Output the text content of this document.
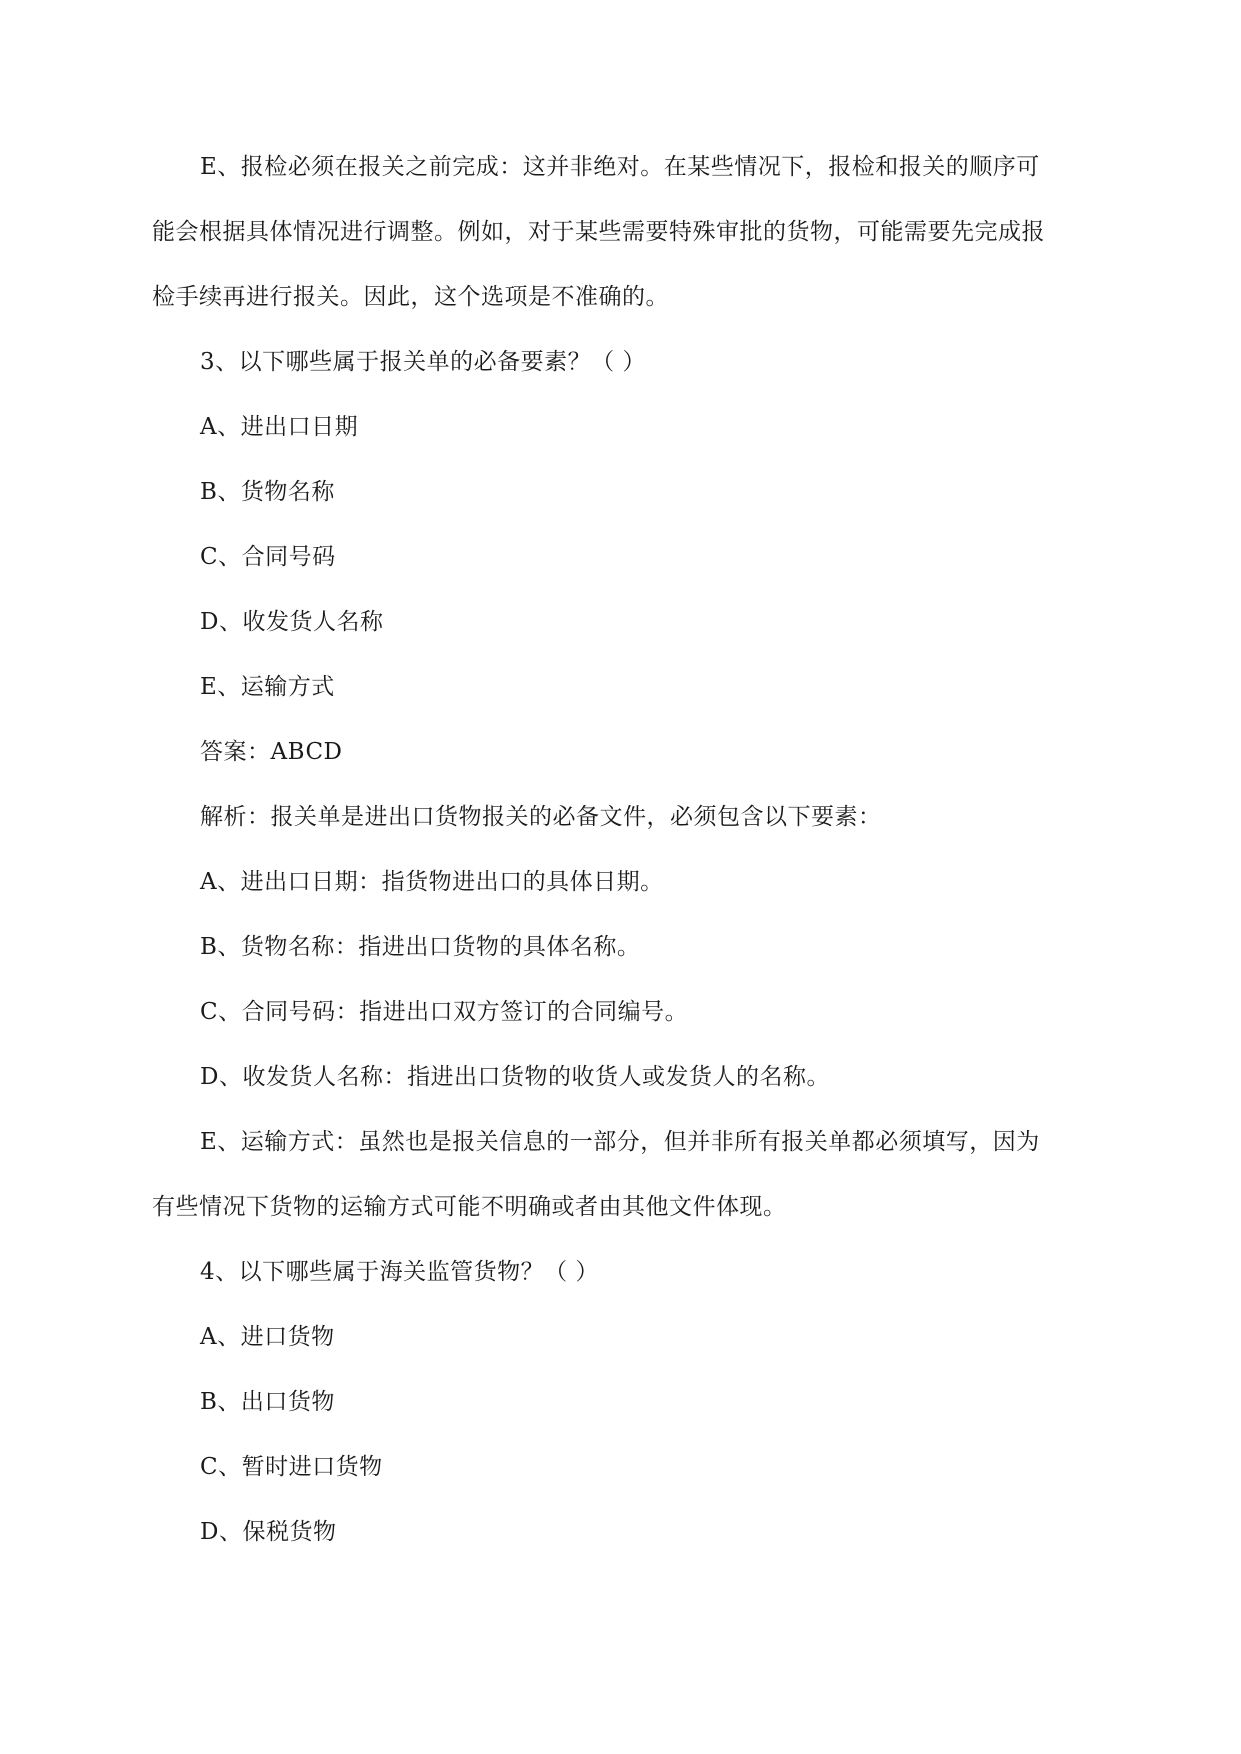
E、报检必须在报关之前完成：这并非绝对。在某些情况下，报检和报关的顺序可

能会根据具体情况进行调整。例如，对于某些需要特殊审批的货物，可能需要先完成报

检手续再进行报关。因此，这个选项是不准确的。

3、以下哪些属于报关单的必备要素？（ ）

A、进出口日期

B、货物名称

C、合同号码

D、收发货人名称

E、运输方式

答案：ABCD

解析：报关单是进出口货物报关的必备文件，必须包含以下要素：

A、进出口日期：指货物进出口的具体日期。

B、货物名称：指进出口货物的具体名称。

C、合同号码：指进出口双方签订的合同编号。

D、收发货人名称：指进出口货物的收货人或发货人的名称。

E、运输方式：虽然也是报关信息的一部分，但并非所有报关单都必须填写，因为

有些情况下货物的运输方式可能不明确或者由其他文件体现。

4、以下哪些属于海关监管货物？（ ）

A、进口货物

B、出口货物

C、暂时进口货物

D、保税货物
